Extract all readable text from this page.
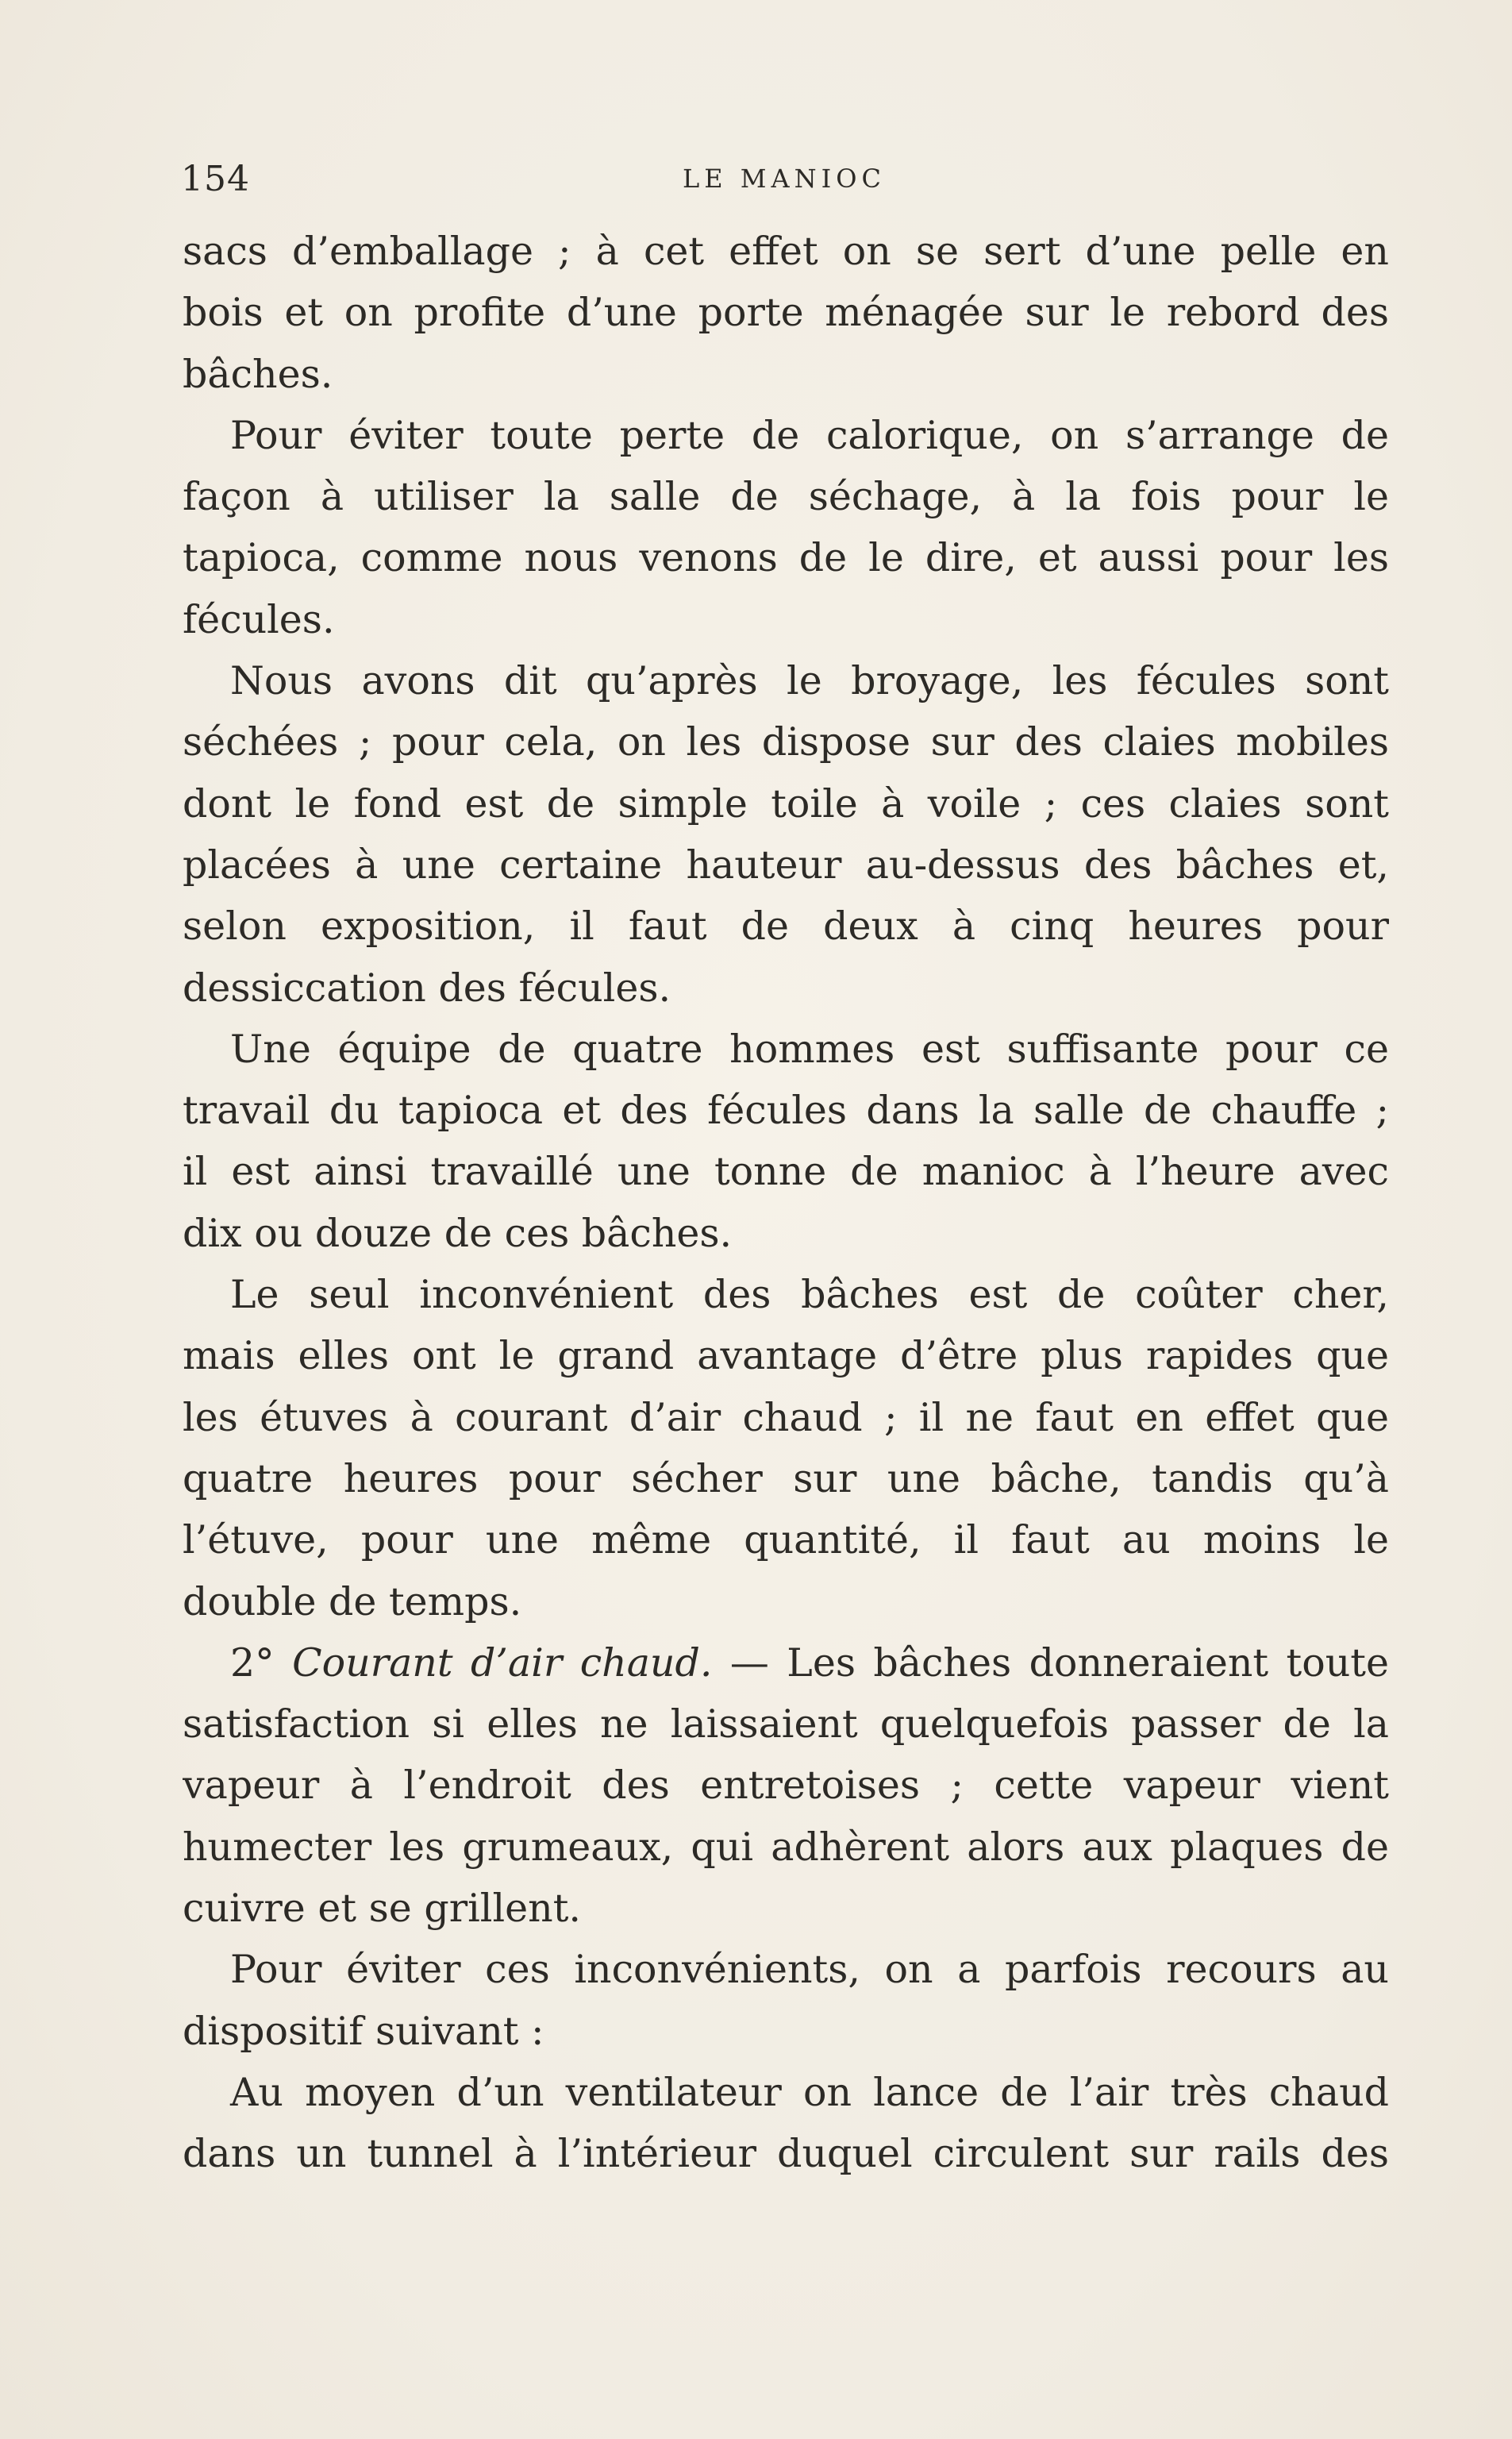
154	LE MANIOC
sacs d’emballage ; à cet effet on se sert d’une pelle en
bois et on profite d’une porte ménagée sur le rebord des
bâches.
Pour éviter toute perte de calorique, on s’arrange de
façon à utiliser la salle de séchage, à la fois pour le
tapioca, comme nous venons de le dire, et aussi pour les
fécules.
Nous avons dit qu’après le broyage, les fécules sont
séchées ; pour cela, on les dispose sur des claies mobiles
dont le fond est de simple toile à voile ; ces claies sont
placées à une certaine hauteur au-dessus des bâches et,
selon exposition, il faut de deux à cinq heures pour
dessiccation des fécules.
Une équipe de quatre hommes est suffisante pour ce
travail du tapioca et des fécules dans la salle de chauffe ;
il est ainsi travaillé une tonne de manioc à l’heure avec
dix ou douze de ces bâches.
Le seul inconvénient des bâches est de coûter cher,
mais elles ont le grand avantage d’être plus rapides que
les étuves à courant d’air chaud ; il ne faut en effet que
quatre heures pour sécher sur une bâche, tandis qu’à
l’étuve, pour une même quantité, il faut au moins le
double de temps.
2° Courant d’air chaud. — Les bâches donneraient toute
satisfaction si elles ne laissaient quelquefois passer de la
vapeur à l’endroit des entretoises ; cette vapeur vient
humecter les grumeaux, qui adhèrent alors aux plaques de
cuivre et se grillent.
Pour éviter ces inconvénients, on a parfois recours au
dispositif suivant :
Au moyen d’un ventilateur on lance de l’air très chaud
dans un tunnel à l’intérieur duquel circulent sur rails des
